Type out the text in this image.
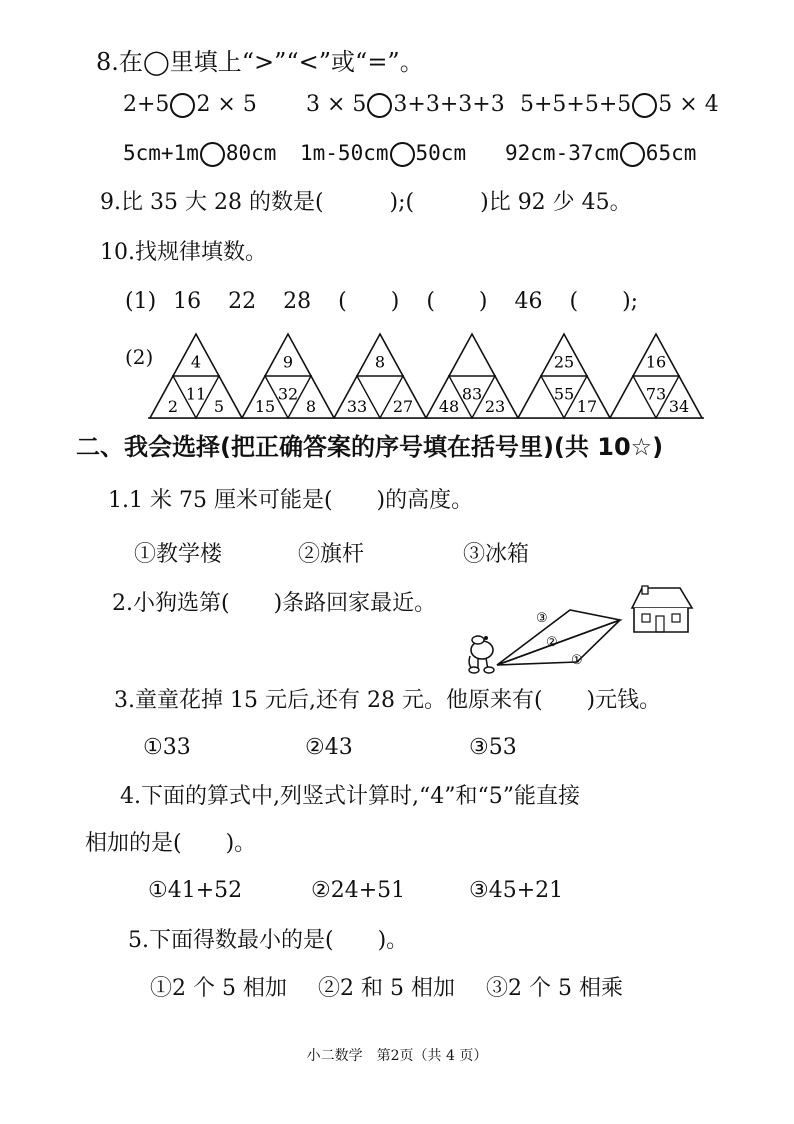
8.在◯里填上“>”“<”或“=”。
2+5 2 × 5 3 × 5 3+3+3+3 5+5+5+5 5 × 4
5cm+1m 80cm 1m-50cm 50cm 92cm-37cm 65cm
9.比 35 大 28 的数是(　　　);(　　　)比 92 少 45。
10.找规律填数。
(1) 16 22 28 (　　) (　　) 46 (　　);
(2) 4
11
2 5
9
32
15 8
8
33 27
83
48 23
25
55
17
16
73
34
二、我会选择(把正确答案的序号填在括号里)(共 10☆)
1.1 米 75 厘米可能是(　　)的高度。
①教学楼	②旗杆	③冰箱
2.小狗选第(　　)条路回家最近。
③
②
①
3.童童花掉 15 元后,还有 28 元。他原来有(　　)元钱。
①33	②43	③53
4.下面的算式中,列竖式计算时,“4”和“5”能直接
相加的是(　　)。
①41+52	②24+51	③45+21
5.下面得数最小的是(　　)。
①2 个 5 相加 ②2 和 5 相加 ③2 个 5 相乘
小二数学　第2页（共 4 页）
